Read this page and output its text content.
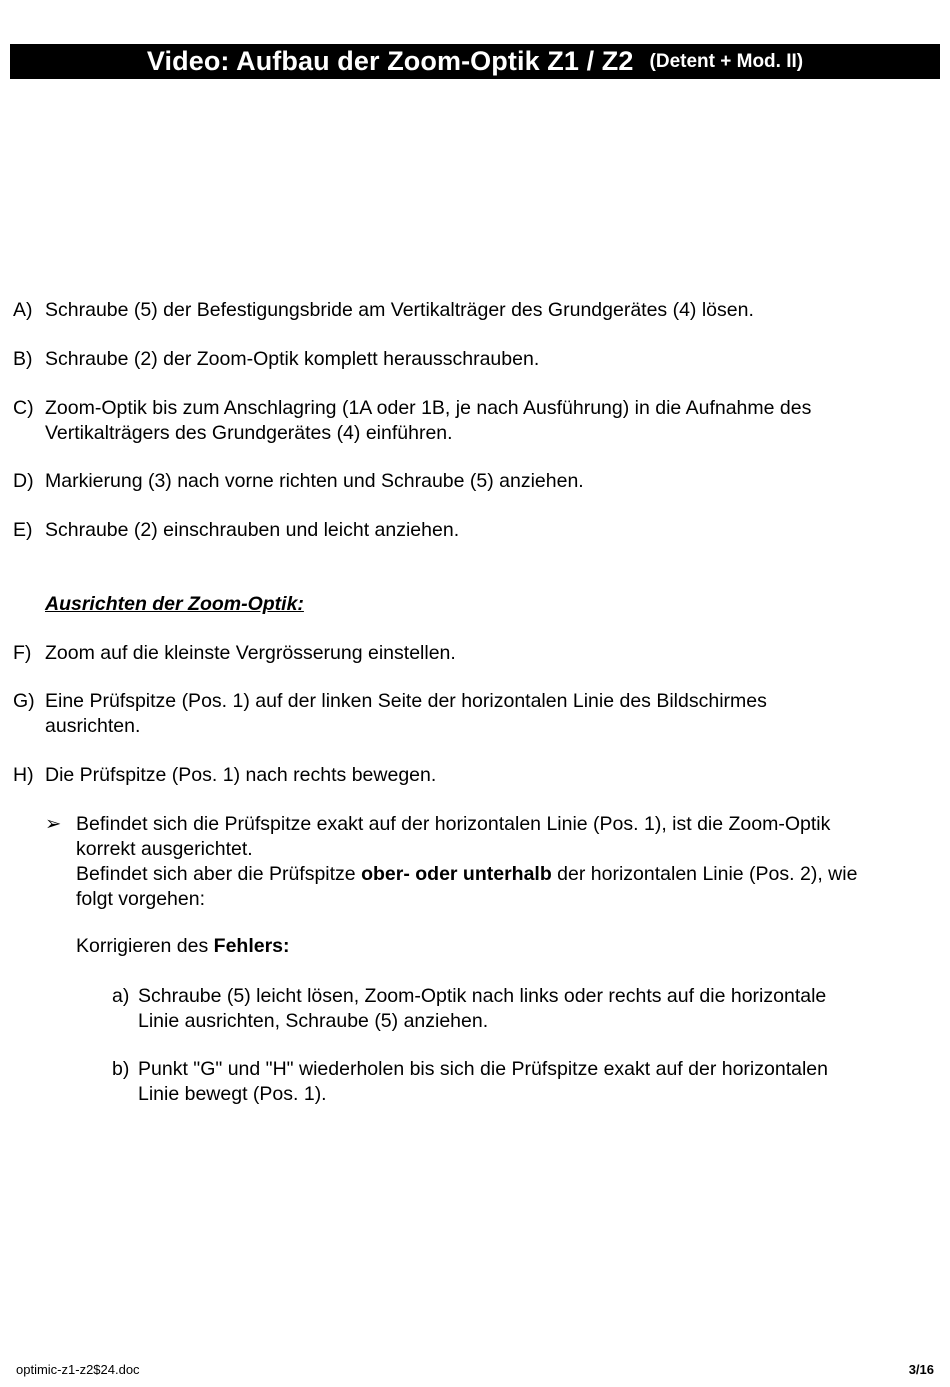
Video: Aufbau der Zoom-Optik Z1 / Z2 (Detent + Mod. II)
A) Schraube (5) der Befestigungsbride am Vertikalträger des Grundgerätes (4) lösen.
B) Schraube (2) der Zoom-Optik komplett herausschrauben.
C) Zoom-Optik bis zum Anschlagring (1A oder 1B, je nach Ausführung) in die Aufnahme des
Vertikalträgers des Grundgerätes (4) einführen.
D) Markierung (3) nach vorne richten und Schraube (5) anziehen.
E) Schraube (2) einschrauben und leicht anziehen.
Ausrichten der Zoom-Optik:
F) Zoom auf die kleinste Vergrösserung einstellen.
G) Eine Prüfspitze (Pos. 1) auf der linken Seite der horizontalen Linie des Bildschirmes
ausrichten.
H) Die Prüfspitze (Pos. 1) nach rechts bewegen.
➢ Befindet sich die Prüfspitze exakt auf der horizontalen Linie (Pos. 1), ist die Zoom-Optik
korrekt ausgerichtet.
Befindet sich aber die Prüfspitze ober- oder unterhalb der horizontalen Linie (Pos. 2), wie
folgt vorgehen:
Korrigieren des Fehlers:
a) Schraube (5) leicht lösen, Zoom-Optik nach links oder rechts auf die horizontale
Linie ausrichten, Schraube (5) anziehen.
b) Punkt "G" und "H" wiederholen bis sich die Prüfspitze exakt auf der horizontalen
Linie bewegt (Pos. 1).
optimic-z1-z2$24.doc	3/16
